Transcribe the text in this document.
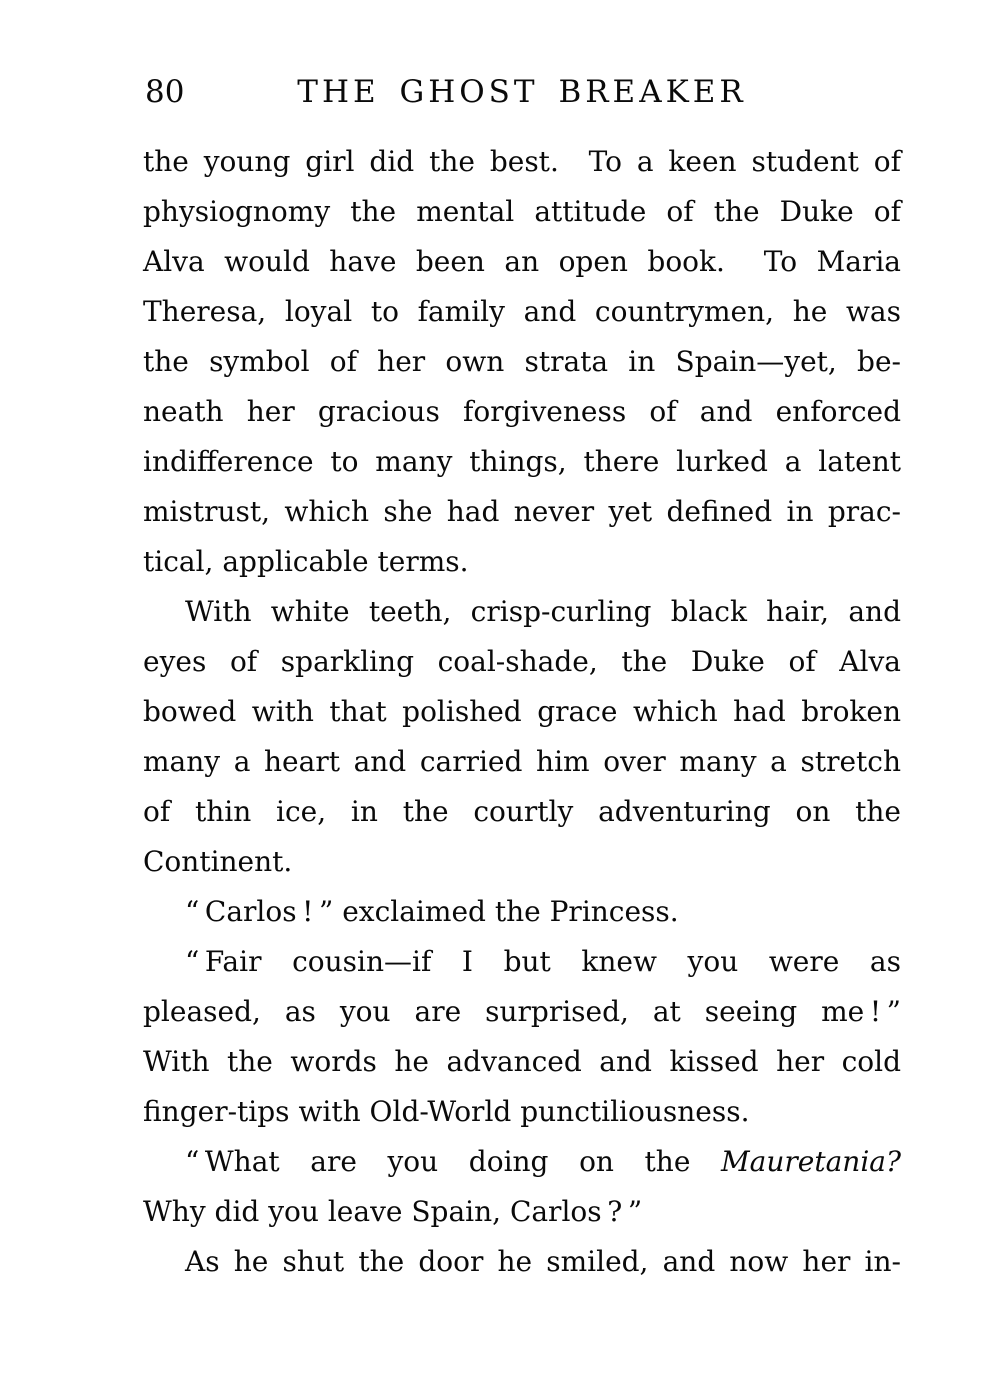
80	THE GHOST BREAKER
the young girl did the best.  To a keen student of
physiognomy the mental attitude of the Duke of
Alva would have been an open book.  To Maria
Theresa, loyal to family and countrymen, he was
the symbol of her own strata in Spain—yet, be-
neath her gracious forgiveness of and enforced
indifference to many things, there lurked a latent
mistrust, which she had never yet defined in prac-
tical, applicable terms.
With white teeth, crisp-curling black hair, and
eyes of sparkling coal-shade, the Duke of Alva
bowed with that polished grace which had broken
many a heart and carried him over many a stretch
of thin ice, in the courtly adventuring on the
Continent.
“ Carlos ! ” exclaimed the Princess.
“ Fair cousin—if I but knew you were as
pleased, as you are surprised, at seeing me ! ”
With the words he advanced and kissed her cold
finger-tips with Old-World punctiliousness.
“ What are you doing on the Mauretania?
Why did you leave Spain, Carlos ? ”
As he shut the door he smiled, and now her in-
